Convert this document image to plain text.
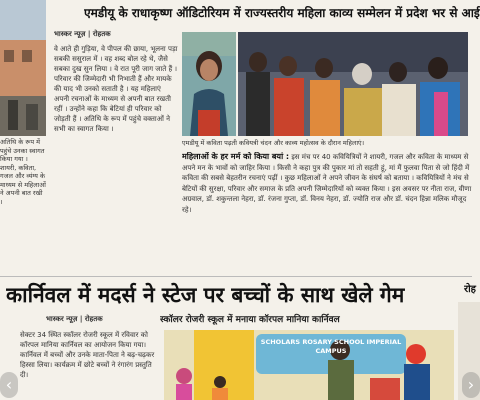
एमडीयू के राधाकृष्ण ऑडिटोरियम में राज्यस्तरीय महिला काव्य सम्मेलन में प्रदेश भर से आई
अतिथि के रूप में पहुंचे उनका स्वागत किया गया । शायरी, कविता, गजल और व्यंग्य के माध्यम से महिलाओं ने अपनी बात रखी ।
भास्कर न्यूज़ | रोहतक
वे आते ही गुड़िया, वे पीपल की छाया, भूलना पड़ा सबकी ससुराल में । वह शब्द बोल रहे थे, जैसे सबका दुख सुन लिया । वे रात पूरी जाग जाते हैं । परिवार की जिम्मेदारी भी निभाती हैं और मायके की याद भी उनको सताती है । यह महिलाएं अपनी रचनाओं के माध्यम से अपनी बात रखती रहीं । उन्होंने कहा कि बेटियां ही परिवार को जोड़ती हैं । अतिथि के रूप में पहुंचे वक्ताओं ने सभी का स्वागत किया ।
एमडीयू में कविता पढ़ती कवियत्री चंदन और काव्य महोत्सव के दौरान महिलाएं।
महिलाओं के हर मर्म को किया बयां : इस मंच पर 40 कवियित्रियों ने शायरी, गजल और कविता के माध्यम से अपने मन के भावों को जाहिर किया । किसी ने कहा पुत्र की पुकार मां तो सहती हूं, मां मैं फुलवा पिता से जो हिंदी में कविता की सबसे बेहतरीन रचनाएं पढ़ीं । कुछ महिलाओं ने अपने जीवन के संघर्ष को बताया । कवियित्रियों ने मंच से बेटियों की सुरक्षा, परिवार और समाज के प्रति अपनी जिम्मेदारियों को व्यक्त किया । इस अवसर पर नीता राज, वीणा अग्रवाल, डॉ. शकुन्तला नेहरा, डॉ. रंजना गुप्ता, डॉ. विनय नेहरा, डॉ. ज्योति राज और डॉ. चंदन हिन्ना मलिक मौजूद रहे।
कार्निवल में मदर्स ने स्टेज पर बच्चों के साथ खेले गेम	रोह
भास्कर न्यूज़ | रोहतक	स्कॉलर रोजरी स्कूल में मनाया कॉरपल मानिया कार्निवल
सेक्टर 34 स्थित स्कॉलर रोजरी स्कूल में रविवार को कॉरपल मानिया कार्निवल का आयोजन किया गया। कार्निवल में बच्चों और उनके माता-पिता ने बढ़-चढ़कर हिस्सा लिया। कार्यक्रम में छोटे बच्चों ने रंगारंग प्रस्तुति दी।
SCHOLARS ROSARY SCHOOL IMPERIAL CAMPUS
‹	›
